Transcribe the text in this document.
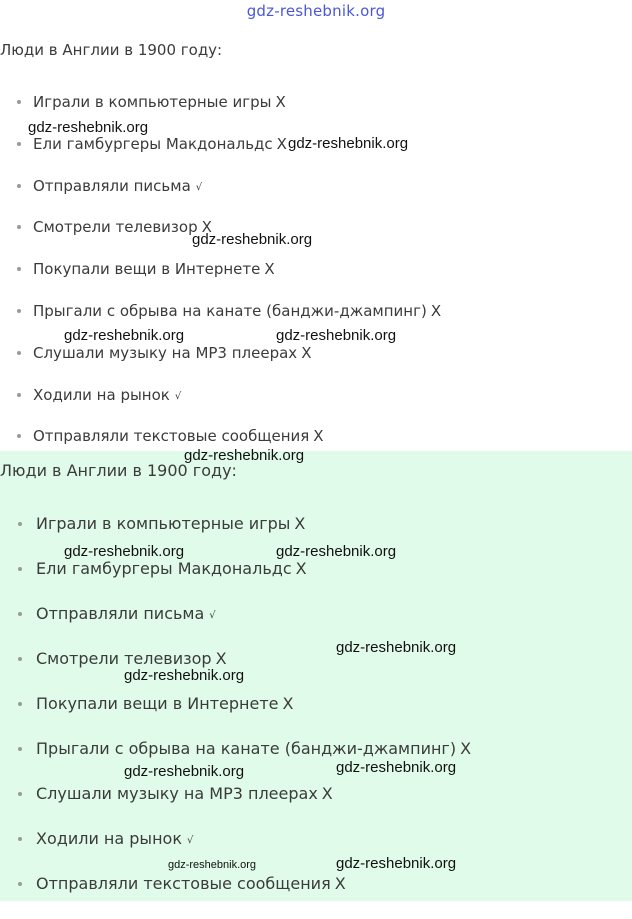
Люди в Англии в 1900 году:
Играли в компьютерные игры X
Ели гамбургеры Макдональдс X
Отправляли письма √
Смотрели телевизор X
Покупали вещи в Интернете X
Прыгали с обрыва на канате (банджи-джампинг) X
Слушали музыку на MP3 плеерах X
Ходили на рынок √
Отправляли текстовые сообщения X
Люди в Англии в 1900 году:
Играли в компьютерные игры X
Ели гамбургеры Макдональдс X
Отправляли письма √
Смотрели телевизор X
Покупали вещи в Интернете X
Прыгали с обрыва на канате (банджи-джампинг) X
Слушали музыку на MP3 плеерах X
Ходили на рынок √
Отправляли текстовые сообщения X
gdz-reshebnik.org
gdz-reshebnik.org
gdz-reshebnik.org
gdz-reshebnik.org
gdz-reshebnik.org	gdz-reshebnik.org
gdz-reshebnik.org
gdz-reshebnik.org	gdz-reshebnik.org
gdz-reshebnik.org
gdz-reshebnik.org
gdz-reshebnik.org
gdz-reshebnik.org
gdz-reshebnik.org	gdz-reshebnik.org
